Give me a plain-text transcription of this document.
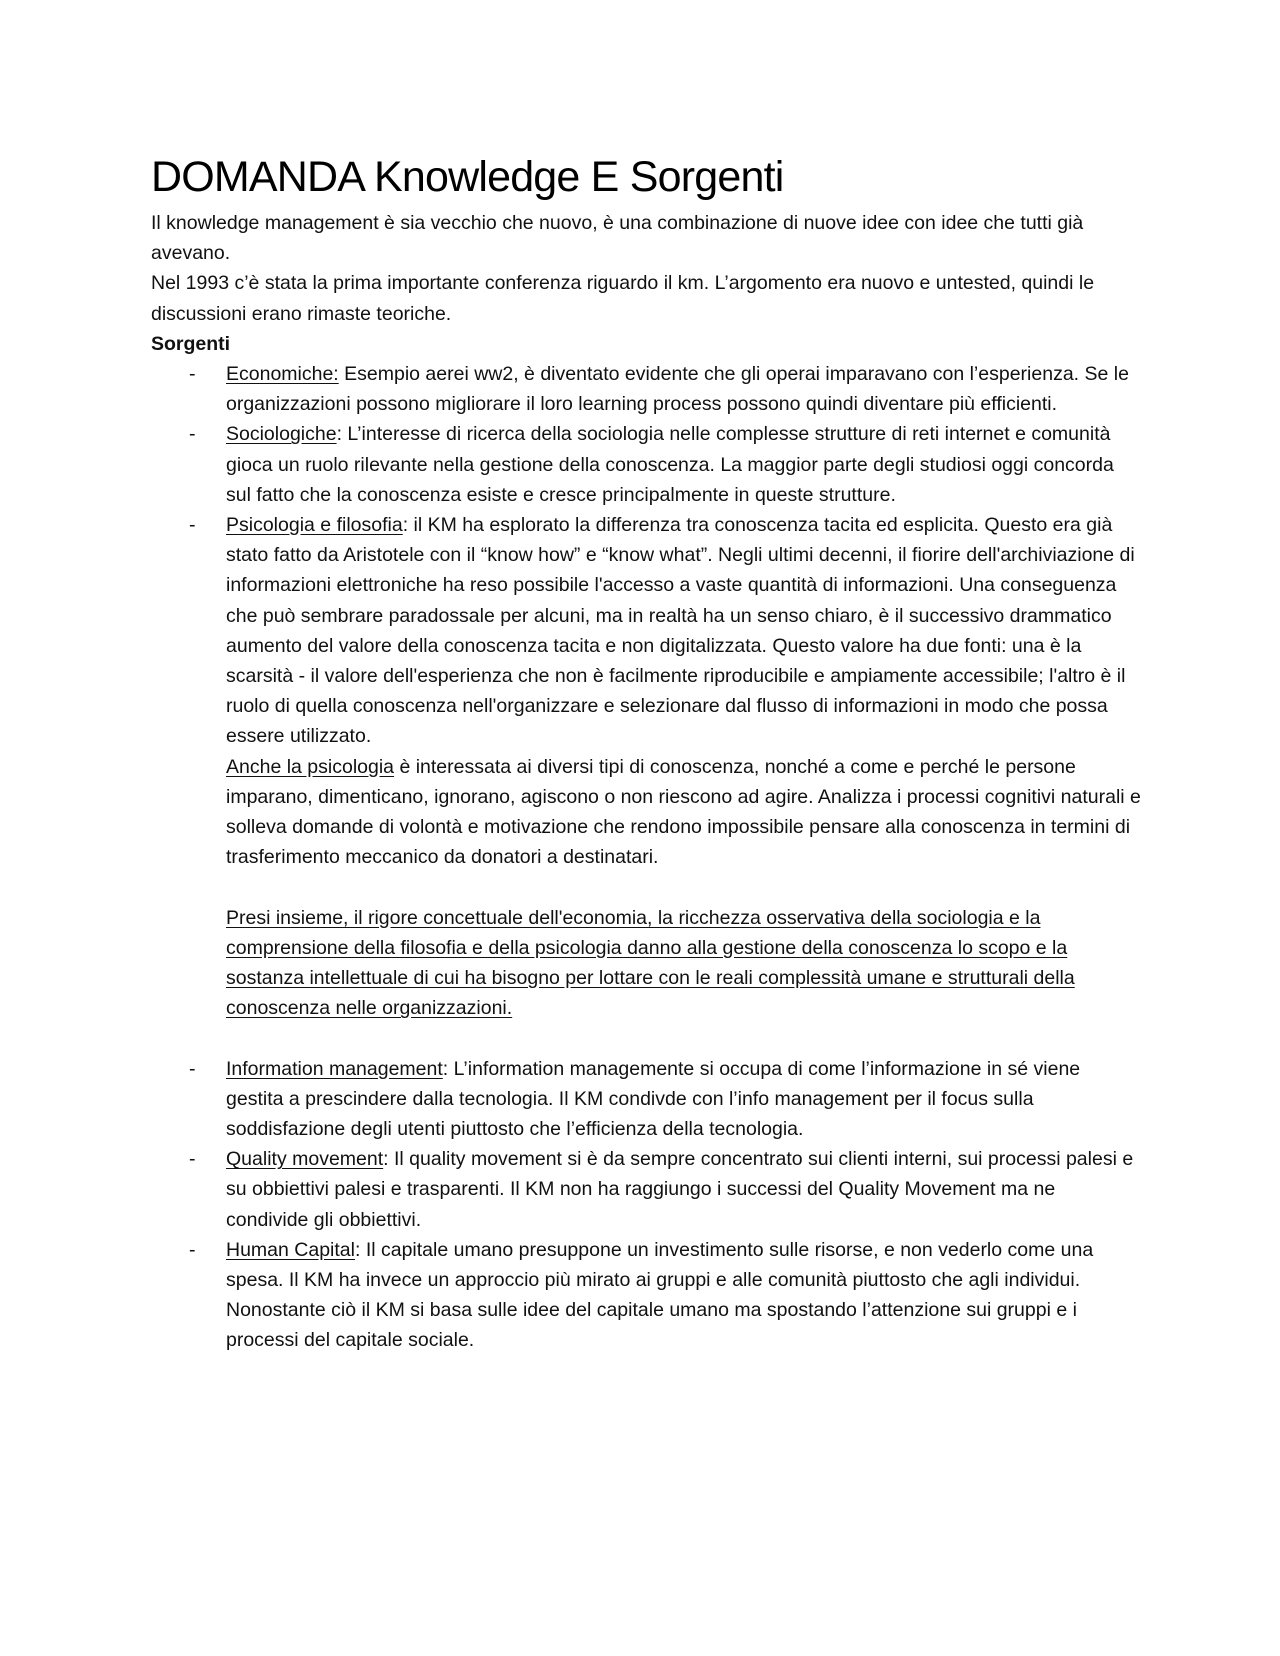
DOMANDA Knowledge E Sorgenti

Il knowledge management è sia vecchio che nuovo, è una combinazione di nuove idee con idee che tutti già avevano.

Nel 1993 c’è stata la prima importante conferenza riguardo il km. L’argomento era nuovo e untested, quindi le discussioni erano rimaste teoriche.

Sorgenti

- Economiche: Esempio aerei ww2, è diventato evidente che gli operai imparavano con l’esperienza. Se le organizzazioni possono migliorare il loro learning process possono quindi diventare più efficienti.
- Sociologiche: L’interesse di ricerca della sociologia nelle complesse strutture di reti internet e comunità gioca un ruolo rilevante nella gestione della conoscenza. La maggior parte degli studiosi oggi concorda sul fatto che la conoscenza esiste e cresce principalmente in queste strutture.
- Psicologia e filosofia: il KM ha esplorato la differenza tra conoscenza tacita ed esplicita. Questo era già stato fatto da Aristotele con il “know how” e “know what”. Negli ultimi decenni, il fiorire dell'archiviazione di informazioni elettroniche ha reso possibile l'accesso a vaste quantità di informazioni. Una conseguenza che può sembrare paradossale per alcuni, ma in realtà ha un senso chiaro, è il successivo drammatico aumento del valore della conoscenza tacita e non digitalizzata. Questo valore ha due fonti: una è la scarsità - il valore dell'esperienza che non è facilmente riproducibile e ampiamente accessibile; l'altro è il ruolo di quella conoscenza nell'organizzare e selezionare dal flusso di informazioni in modo che possa essere utilizzato.
Anche la psicologia è interessata ai diversi tipi di conoscenza, nonché a come e perché le persone imparano, dimenticano, ignorano, agiscono o non riescono ad agire. Analizza i processi cognitivi naturali e solleva domande di volontà e motivazione che rendono impossibile pensare alla conoscenza in termini di trasferimento meccanico da donatori a destinatari.
Presi insieme, il rigore concettuale dell'economia, la ricchezza osservativa della sociologia e la comprensione della filosofia e della psicologia danno alla gestione della conoscenza lo scopo e la sostanza intellettuale di cui ha bisogno per lottare con le reali complessità umane e strutturali della conoscenza nelle organizzazioni.
- Information management: L’information managemente si occupa di come l’informazione in sé viene gestita a prescindere dalla tecnologia. Il KM condivde con l’info management per il focus sulla soddisfazione degli utenti piuttosto che l’efficienza della tecnologia.
- Quality movement: Il quality movement si è da sempre concentrato sui clienti interni, sui processi palesi e su obbiettivi palesi e trasparenti. Il KM non ha raggiungo i successi del Quality Movement ma ne condivide gli obbiettivi.
- Human Capital: Il capitale umano presuppone un investimento sulle risorse, e non vederlo come una spesa. Il KM ha invece un approccio più mirato ai gruppi e alle comunità piuttosto che agli individui. Nonostante ciò il KM si basa sulle idee del capitale umano ma spostando l’attenzione sui gruppi e i processi del capitale sociale.
